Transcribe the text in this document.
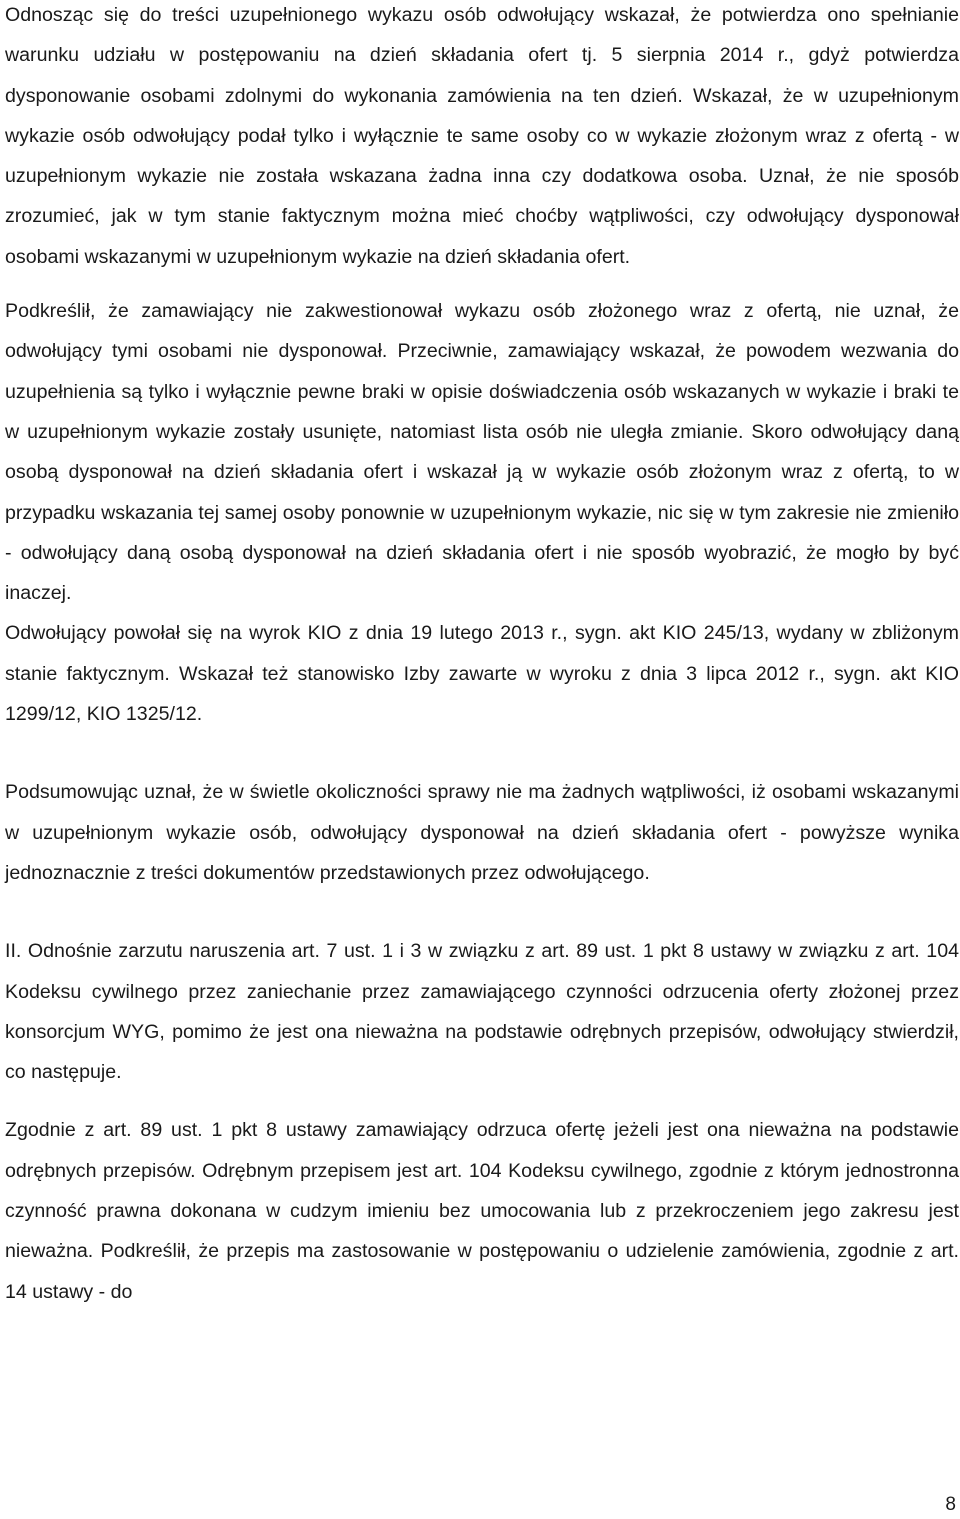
Odnosząc się do treści uzupełnionego wykazu osób odwołujący wskazał, że potwierdza ono spełnianie warunku udziału w postępowaniu na dzień składania ofert tj. 5 sierpnia 2014 r., gdyż potwierdza dysponowanie osobami zdolnymi do wykonania zamówienia na ten dzień. Wskazał, że w uzupełnionym wykazie osób odwołujący podał tylko i wyłącznie te same osoby co w wykazie złożonym wraz z ofertą - w uzupełnionym wykazie nie została wskazana żadna inna czy dodatkowa osoba. Uznał, że nie sposób zrozumieć, jak w tym stanie faktycznym można mieć choćby wątpliwości, czy odwołujący dysponował osobami wskazanymi w uzupełnionym wykazie na dzień składania ofert.

Podkreślił, że zamawiający nie zakwestionował wykazu osób złożonego wraz z ofertą, nie uznał, że odwołujący tymi osobami nie dysponował. Przeciwnie, zamawiający wskazał, że powodem wezwania do uzupełnienia są tylko i wyłącznie pewne braki w opisie doświadczenia osób wskazanych w wykazie i braki te w uzupełnionym wykazie zostały usunięte, natomiast lista osób nie uległa zmianie. Skoro odwołujący daną osobą dysponował na dzień składania ofert i wskazał ją w wykazie osób złożonym wraz z ofertą, to w przypadku wskazania tej samej osoby ponownie w uzupełnionym wykazie, nic się w tym zakresie nie zmieniło - odwołujący daną osobą dysponował na dzień składania ofert i nie sposób wyobrazić, że mogło by być inaczej.

Odwołujący powołał się na wyrok KIO z dnia 19 lutego 2013 r., sygn. akt KIO 245/13, wydany w zbliżonym stanie faktycznym. Wskazał też stanowisko Izby zawarte w wyroku z dnia 3 lipca 2012 r., sygn. akt KIO 1299/12, KIO 1325/12.

Podsumowując uznał, że w świetle okoliczności sprawy nie ma żadnych wątpliwości, iż osobami wskazanymi w uzupełnionym wykazie osób, odwołujący dysponował na dzień składania ofert - powyższe wynika jednoznacznie z treści dokumentów przedstawionych przez odwołującego.

II. Odnośnie zarzutu naruszenia art. 7 ust. 1 i 3 w związku z art. 89 ust. 1 pkt 8 ustawy w związku z art. 104 Kodeksu cywilnego przez zaniechanie przez zamawiającego czynności odrzucenia oferty złożonej przez konsorcjum WYG, pomimo że jest ona nieważna na podstawie odrębnych przepisów, odwołujący stwierdził, co następuje.

Zgodnie z art. 89 ust. 1 pkt 8 ustawy zamawiający odrzuca ofertę jeżeli jest ona nieważna na podstawie odrębnych przepisów. Odrębnym przepisem jest art. 104 Kodeksu cywilnego, zgodnie z którym jednostronna czynność prawna dokonana w cudzym imieniu bez umocowania lub z przekroczeniem jego zakresu jest nieważna. Podkreślił, że przepis ma zastosowanie w postępowaniu o udzielenie zamówienia, zgodnie z art. 14 ustawy - do

8
